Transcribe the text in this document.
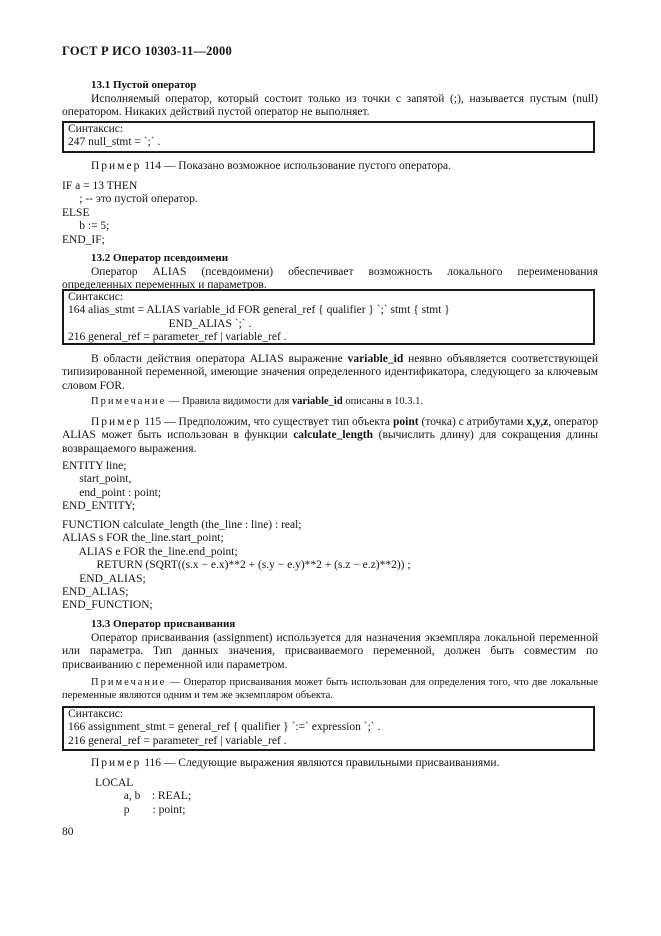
ГОСТ Р ИСО 10303-11—2000
13.1 Пустой оператор
Исполняемый оператор, который состоит только из точки с запятой (;), называется пустым (null) оператором. Никаких действий пустой оператор не выполняет.
Синтаксис:
247 null_stmt = `;` .
Пример 114 — Показано возможное использование пустого оператора.
IF a = 13 THEN
; -- это пустой оператор.
ELSE
b := 5;
END_IF;
13.2 Оператор псевдоимени
Оператор ALIAS (псевдоимени) обеспечивает возможность локального переименования определенных переменных и параметров.
Синтаксис:
164 alias_stmt = ALIAS variable_id FOR general_ref { qualifier } `;` stmt { stmt }
END_ALIAS `;` .
216 general_ref = parameter_ref | variable_ref .
В области действия оператора ALIAS выражение variable_id неявно объявляется соответствующей типизированной переменной, имеющие значения определенного идентификатора, следующего за ключевым словом FOR.
Примечание — Правила видимости для variable_id описаны в 10.3.1.
Пример 115 — Предположим, что существует тип объекта point (точка) с атрибутами x,y,z, оператор ALIAS может быть использован в функции calculate_length (вычислить длину) для сокращения длины возвращаемого выражения.
ENTITY line;
start_point,
end_point : point;
END_ENTITY;
FUNCTION calculate_length (the_line : line) : real;
ALIAS s FOR the_line.start_point;
ALIAS e FOR the_line.end_point;
RETURN (SQRT((s.x − e.x)**2 + (s.y − e.y)**2 + (s.z − e.z)**2)) ;
END_ALIAS;
END_ALIAS;
END_FUNCTION;
13.3 Оператор присваивания
Оператор присваивания (assignment) используется для назначения экземпляра локальной переменной или параметра. Тип данных значения, присваиваемого переменной, должен быть совместим по присваиванию с переменной или параметром.
Примечание — Оператор присваивания может быть использован для определения того, что две локальные переменные являются одним и тем же экземпляром объекта.
Синтаксис:
166 assignment_stmt = general_ref { qualifier } `:=` expression `;` .
216 general_ref = parameter_ref | variable_ref .
Пример 116 — Следующие выражения являются правильными присваиваниями.
LOCAL
a, b    : REAL;
p        : point;
80
